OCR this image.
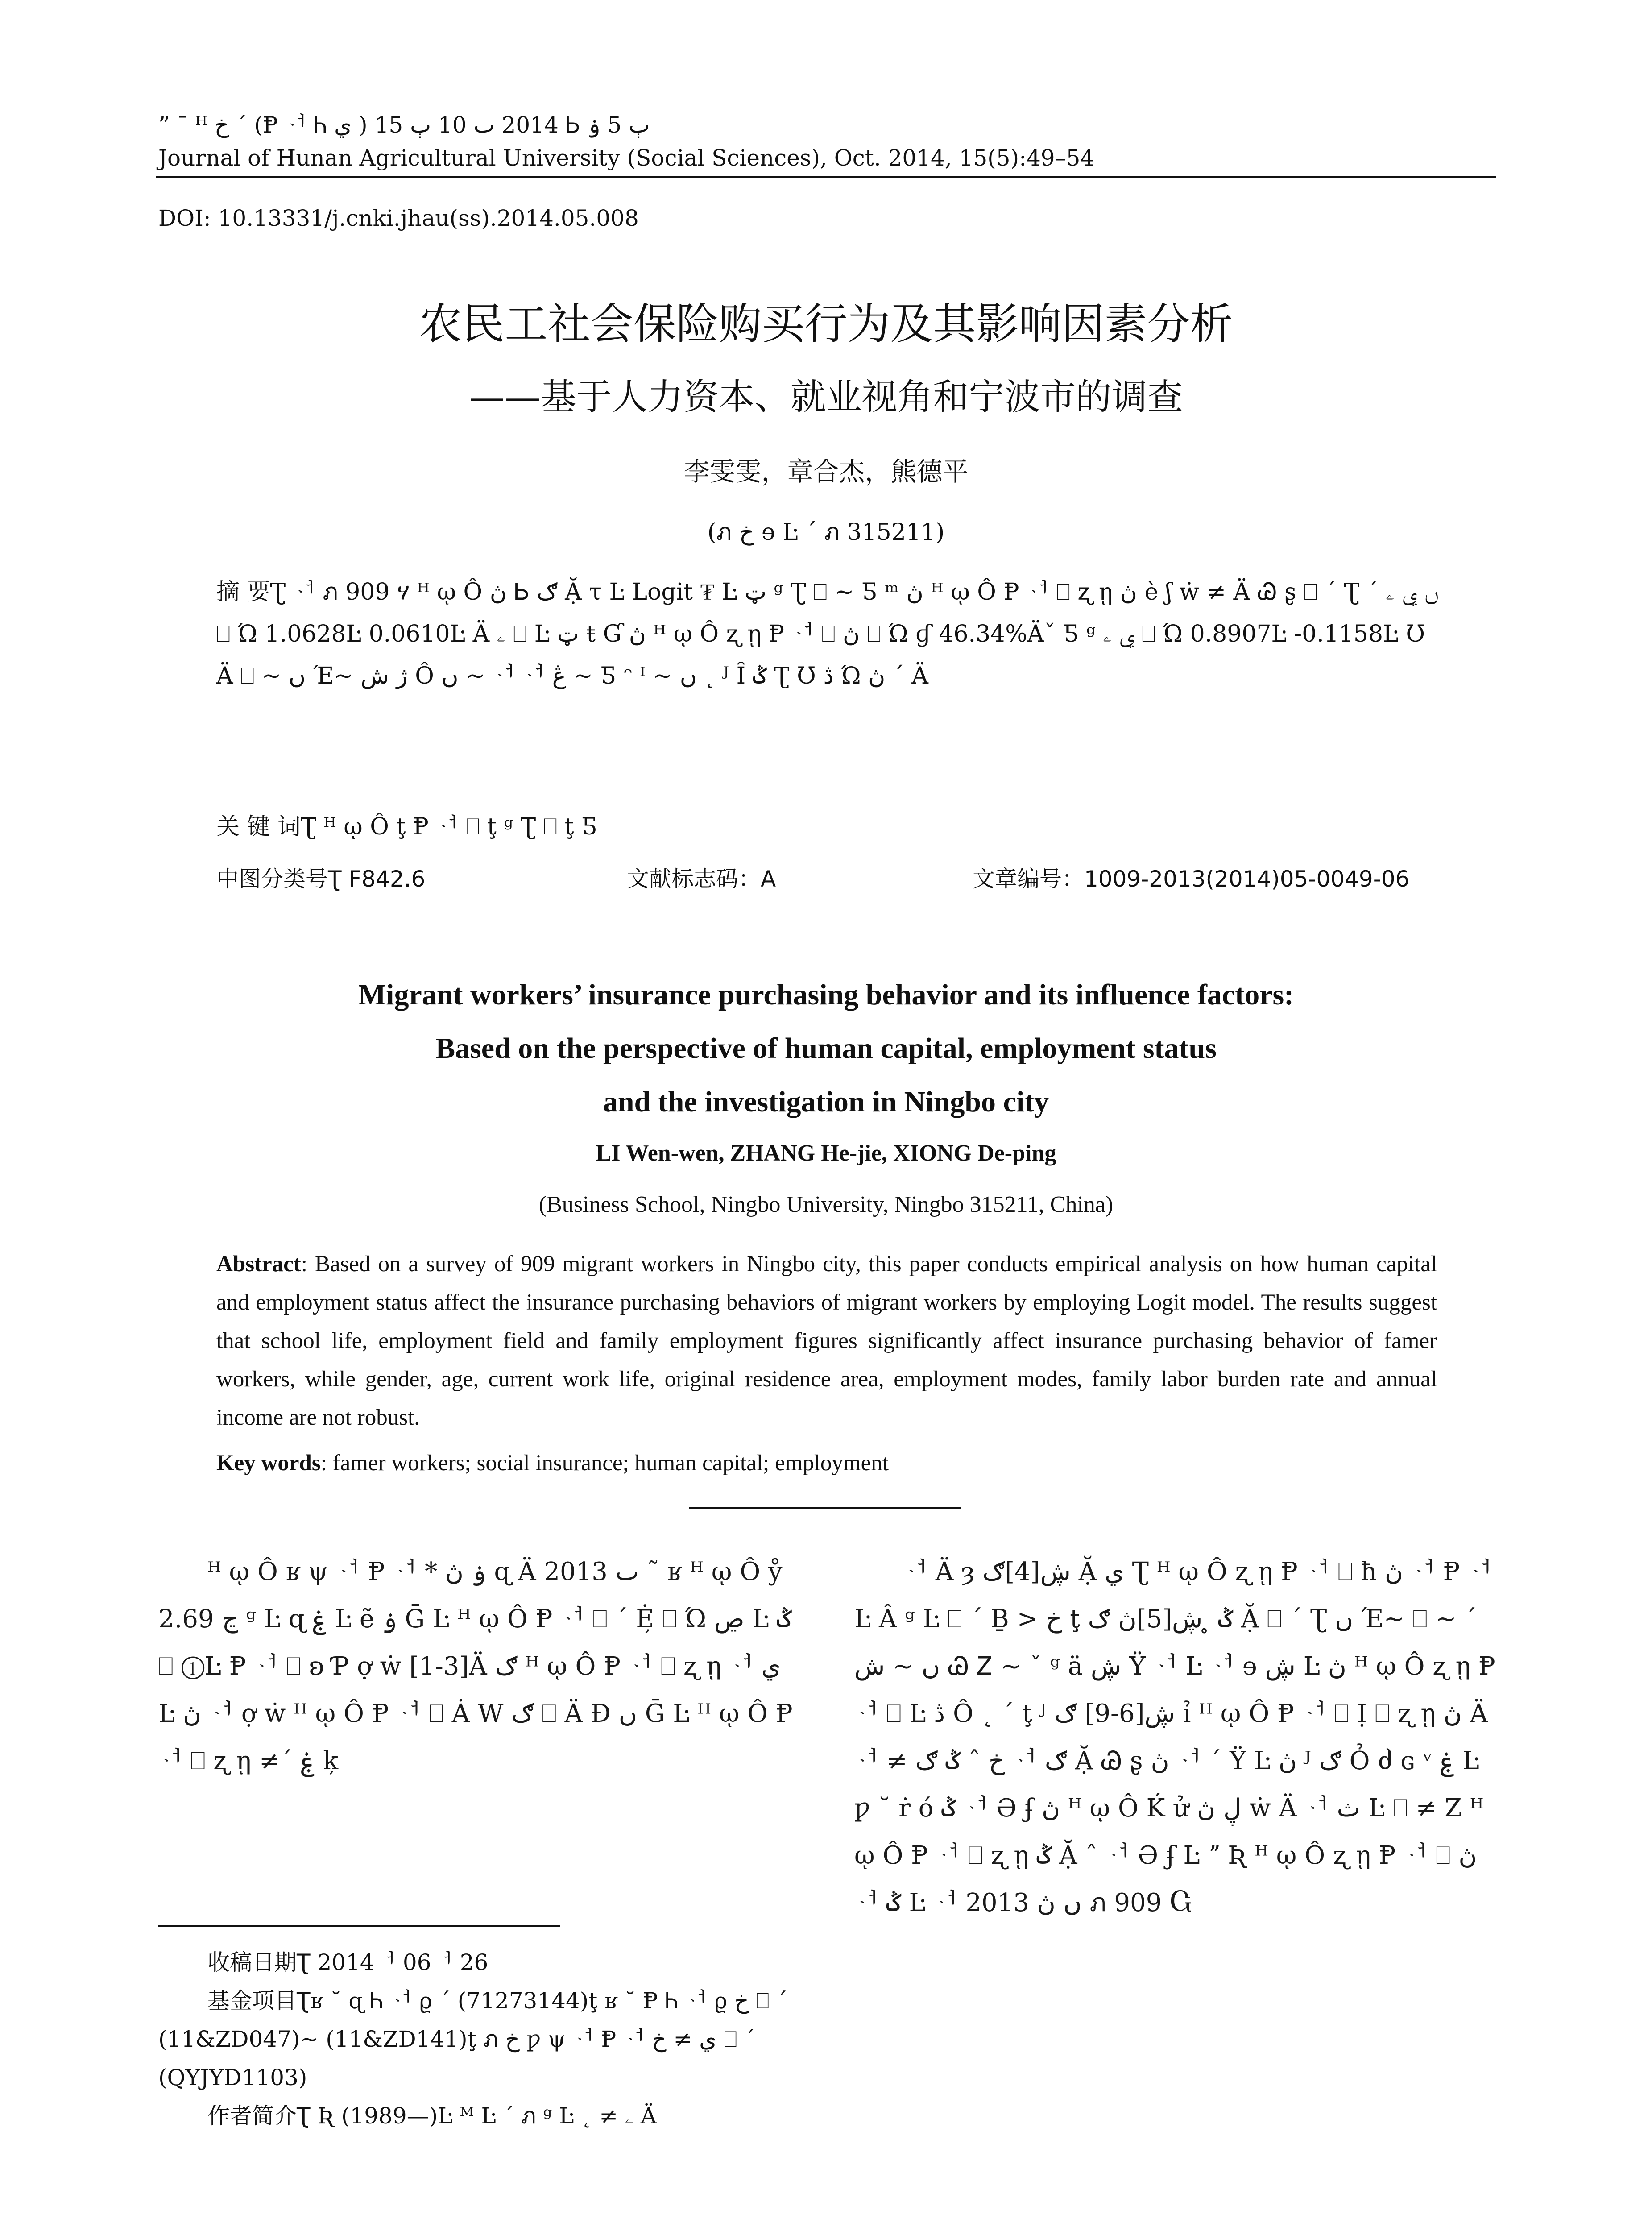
” ¯ ᴴ خ ˊ (Ᵽ ᆟ Ꮒ ي ) 2014 ٮ 10 ٻ 15 Ꮟ ٻ 5 ۏ
Journal of Hunan Agricultural University (Social Sciences), Oct. 2014, 15(5):49–54
DOI: 10.13331/j.cnki.jhau(ss).2014.05.008
农民工社会保险购买行为及其影响因素分析
——基于人力资本、就业视角和宁波市的调查
李雯雯，章合杰，熊德平
(ภ خ ɘ Ŀ ˊ ภ 315211)
摘 要Ʈ ᆟ ภ 909 ሃ ᴴ ῳ Ô ڽ Ꮟ ګ Ặ τ Ŀ Logit ₮ Ŀ ټ ᵍ Ʈ ⎕ ~ Ƽ ᵐ ڽ ᴴ ῳ Ô Ᵽ ᆟ ⎕ ʐ ῃ ڽ ѐ ʃ ẇ ≠ Ä Ꮚ ʂ ⎕ ˊ Ʈ ˊ ں ي ۦ ⎕ Ώ 1.0628Ŀ 0.0610Ŀ Ä ۦ ⎕ Ŀ ټ ŧ Ɠ ڽ ᴴ ῳ Ô ʐ ῃ Ᵽ ᆟ ⎕ ڽ ⎕ Ώ ɠ 46.34%Äˇ Ƽ ᵍ ي ۦ ⎕ Ώ 0.8907Ŀ -0.1158Ŀ Ʊ Ä ⎕ ~ ں Έ~ ژ ش Ô ں ~ ᆟ ᆟ ڠ ~ Ƽ ᵔ ᴵ ~ ں ˛ ᴶ Ȋ ݣ Ʈ Ʊ ڎ Ώ ڽ ˊ Ä
关 键 词Ʈ ᴴ ῳ Ô ţ Ᵽ ᆟ ⎕ ţ ᵍ Ʈ ⎕ ţ Ƽ
中图分类号Ʈ F842.6	文献标志码：A	文章编号：1009-2013(2014)05-0049-06
Migrant workers’ insurance purchasing behavior and its influence factors:
Based on the perspective of human capital, employment status
and the investigation in Ningbo city
LI Wen-wen, ZHANG He-jie, XIONG De-ping
(Business School, Ningbo University, Ningbo 315211, China)
Abstract: Based on a survey of 909 migrant workers in Ningbo city, this paper conducts empirical analysis on how human capital and employment status affect the insurance purchasing behaviors of migrant workers by employing Logit model. The results suggest that school life, employment field and family employment figures significantly affect insurance purchasing behavior of famer workers, while gender, age, current work life, original residence area, employment modes, family labor burden rate and annual income are not robust.
Key words: famer workers; social insurance; human capital; employment

ᴴ ῳ Ô ʁ ψ ᆟ Ᵽ ᆟ * ۏ ڽ ɋ Ä 2013 ٮ ˜ ʁ ᴴ ῳ Ô ẙ ڃ 2.69 ᵍ Ŀ ɋ ۼ Ŀ ẽ ۏ Ḡ Ŀ ᴴ ῳ Ô Ᵽ ᆟ ⎕ ˊ Ė̦ ⎕ Ώ ڝ Ŀ ݣ ⎕ ①Ŀ Ᵽ ᆟ ⎕ ʚ Ƥ ợ ẇ [1-3]Ä ګ ᴴ ῳ Ô Ᵽ ᆟ ⎕ ʐ ῃ ᆟ ي Ŀ ڽ ᆟ ợ ẇ ᴴ ῳ Ô Ᵽ ᆟ ⎕ Ȧ W ګ ⎕ Ä Ɖ ں Ḡ Ŀ ᴴ ῳ Ô Ᵽ ᆟ ⎕ ʐ ῃ ≠ˊ ۼ ķ

ᆟ Ä ȝ ڜ[4]ګ Ặ ي Ʈ ᴴ ῳ Ô ʐ ῃ Ᵽ ᆟ ⎕ ħ ڽ ᆟ Ᵽ ᆟ Ŀ Â ᵍ Ŀ ⎕ ˊ Ḇ > خ ţ ݣ ̥ ڜ[5]ڽ ګ Ặ ⎕ ˊ Ʈ ں Έ~ ⎕ ~ ˊ ں ~ ش Ꮚ Ꮓ ~ ˇ ᵍ ä ڜ Ÿ ᆟ Ŀ ᆟ ɘ ڜ Ŀ ڽ ᴴ ῳ Ô ʐ ῃ Ᵽ ᆟ ⎕ Ŀ ڎ Ô ˛ ˊ ţ ᴶ ڜ[6-9] ګ ỉ ᴴ ῳ Ô Ᵽ ᆟ ⎕ Ị ⎕ ʐ ῃ ڽ Ä ᆟ ≠ خ ˆ ݣ ګ ᆟ ګ Ặ Ꮚ ʂ ڽ ᆟ ˊ Ÿ Ŀ ڽ ᴶ ګ Ỏ ძ ɢ ᵛ ۼ Ŀ ƿ ˘ ṙ ό ݣ ᆟ Ə ʄ ڽ ᴴ ῳ Ô Ḱ ử ڸ ڽ ẇ Ä ᆟ ث Ŀ ⎕ ≠ Ζ ᴴ ῳ Ô Ᵽ ᆟ ⎕ ʐ ῃ ݣ Ặ ˆ ᆟ Ə ʄ Ŀ ˮ Ʀ ᴴ ῳ Ô ʐ ῃ Ᵽ ᆟ ⎕ ڽ ᆟ ݣ Ŀ ᆟ 2013 ں ڽ ภ 909 Ⴚ

收稿日期Ʈ 2014ᅥ 06ᅥ 26
基金项目Ʈʁ ˘ ɋ Ꮒ ᆟ ϱ ˊ (71273144)ţ ʁ ˘ Ᵽ Ꮒ ᆟ ϱ خ ⎕ ˊ (11&ZD047)~ (11&ZD141)ţ ภ خ ƿ ψ ᆟ Ᵽ ᆟ ي ≠ خ ⎕ ˊ (QYJYD1103)
作者简介Ʈ Ʀ (1989—)Ŀ ᴹ Ŀ ˊ ภ ᵍ Ŀ ˛ ≠ ۦ Ä
